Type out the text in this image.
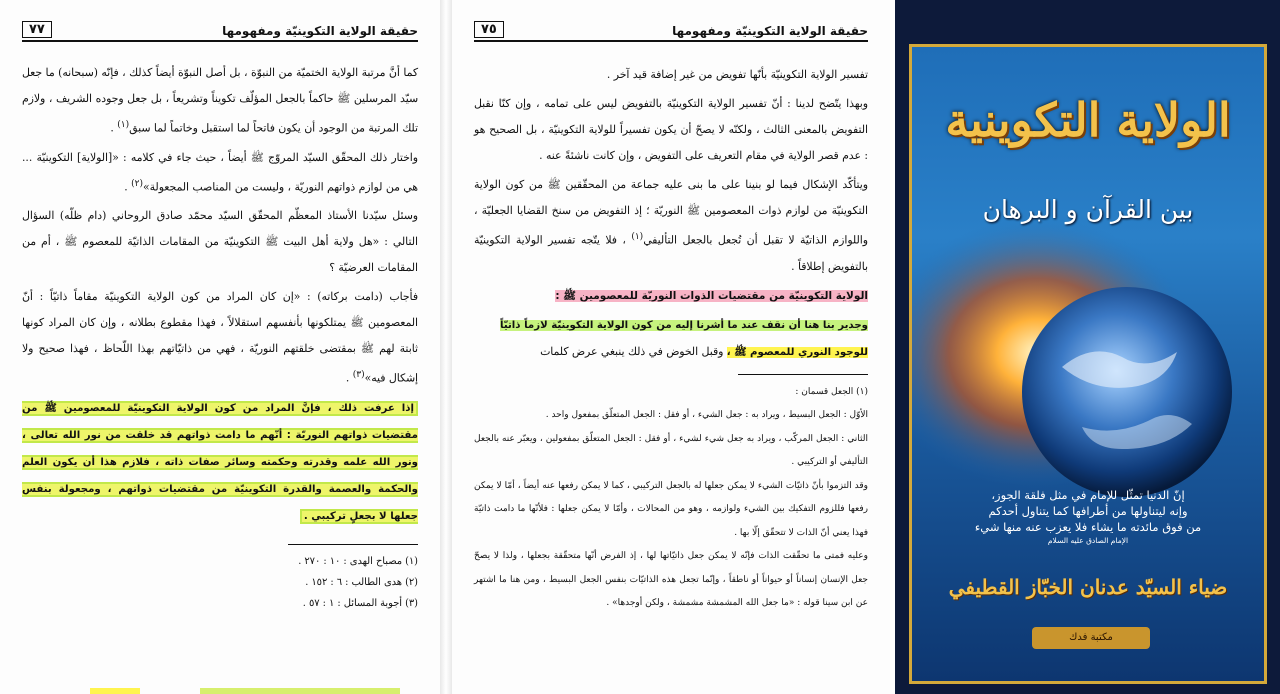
حقيقة الولاية التكوينيّة ومفهومها
٧٧

كما أنَّ مرتبة الولاية الختميّة من النبوّة ، بل أصل النبوّة أيضاً كذلك ، فإنّه (سبحانه) ما جعل سيّد المرسلين ﷺ حاكماً بالجعل المؤلّف تكويناً وتشريعاً ، بل جعل وجوده الشريف ، ولازم تلك المرتبة من الوجود أن يكون فاتحاً لما استقبل وخاتماً لما سبق$^{(١)}$ .

واختار ذلك المحقّق السيّد المروّج ﷺ أيضاً ، حيث جاء في كلامه : «[الولاية] التكوينيّة ... هي من لوازم ذواتهم النوريّة ، وليست من المناصب المجعولة»$^{(٢)}$ .

وسئل سيّدنا الأستاذ المعظّم المحقّق السيّد محمّد صادق الروحاني (دام ظلّه) السؤال التالي : «هل ولاية أهل البيت ﷺ التكوينيّة من المقامات الذاتيّة للمعصوم ﷺ ، أم من المقامات العرضيّة ؟

فأجاب (دامت بركاته) : «إن كان المراد من كون الولاية التكوينيّة مقاماً ذاتيّاً : أنّ المعصومين ﷺ يمتلكونها بأنفسهم استقلالاً ، فهذا مقطوع بطلانه ، وإن كان المراد كونها ثابتة لهم ﷺ بمقتضى خلقتهم النوريّة ، فهي من ذاتيّاتهم بهذا اللّحاظ ، فهذا صحيح ولا إشكال فيه»$^{(٣)}$ .

إذا عرفت ذلك ، فإنَّ المراد من كون الولاية التكوينيّة للمعصومين ﷺ من مقتضيات ذواتهم النوريّة : أنّهم ما دامت ذواتهم قد خلقت من نور الله تعالى ، ونور الله علمه وقدرته وحكمته وسائر صفات ذاته ، فلازم هذا أن يكون العلم والحكمة والعصمة والقدرة التكوينيّة من مقتضيات ذواتهم ، ومجعولة بنفس جعلها لا بجعلٍ تركيبي .

(١) مصباح الهدى : ١٠ : ٢٧٠ .

(٢) هدى الطالب : ٦ : ١٥٢ .

(٣) أجوبة المسائل : ١ : ٥٧ .

حقيقة الولاية التكوينيّة ومفهومها
٧٥

تفسير الولاية التكوينيّة بأنّها تفويض من غير إضافة قيد آخر .

وبهذا يتّضح لدينا : أنّ تفسير الولاية التكوينيّة بالتفويض ليس على تمامه ، وإن كنّا نقبل التفويض بالمعنى الثالث ، ولكنّه لا يصحّ أن يكون تفسيراً للولاية التكوينيّة ، بل الصحيح هو : عدم قصر الولاية في مقام التعريف على التفويض ، وإن كانت ناشئةً عنه .

ويتأكّد الإشكال فيما لو بنينا على ما بنى عليه جماعة من المحقّقين ﷺ من كون الولاية التكوينيّة من لوازم ذوات المعصومين ﷺ النوريّة ؛ إذ التفويض من سنخ القضايا الجعليّة ، واللوازم الذاتيّة لا تقبل أن تُجعل بالجعل التأليفي$^{(١)}$ ، فلا يتّجه تفسير الولاية التكوينيّة بالتفويض إطلاقاً .

الولاية التكوينيّة من مقتضيات الذوات النوريّة للمعصومين ﷺ :

وجدير بنا هنا أن نقف عند ما أشرنا إليه من كون الولاية التكوينيّة لازماً ذاتيّاً
للوجود النوري للمعصوم ﷺ ، وقبل الخوض في ذلك ينبغي عرض كلمات

(١) الجعل قسمان :

الأوّل : الجعل البسيط ، ويراد به : جعل الشيء ، أو فقل : الجعل المتعلّق بمفعول واحد .

الثاني : الجعل المركّب ، ويراد به جعل شيء لشيء ، أو فقل : الجعل المتعلّق بمفعولين ، ويعبّر عنه بالجعل التأليفي أو التركيبي .

وقد التزموا بأنّ ذاتيّات الشيء لا يمكن جعلها له بالجعل التركيبي ، كما لا يمكن رفعها عنه أيضاً ، أمّا لا يمكن رفعها فللزوم التفكيك بين الشيء ولوازمه ، وهو من المحالات ، وأمّا لا يمكن جعلها : فلأنّها ما دامت ذاتيّة فهذا يعني أنّ الذات لا تتحقّق إلّا بها .

وعليه فمتى ما تحقّقت الذات فإنّه لا يمكن جعل ذاتيّاتها لها ، إذ الفرض أنّها متحقّقة بجعلها ، ولذا لا يصحّ جعل الإنسان إنساناً أو حيواناً أو ناطقاً ، وإنّما تجعل هذه الذاتيّات بنفس الجعل البسيط ، ومن هنا ما اشتهر عن ابن سينا قوله : «ما جعل الله المشمشة مشمشة ، ولكن أوجدها» .

الولاية التكوينية
بين القرآن و البرهان
إنّ الدنيا تمثّل للإمام في مثل فلقة الجوز،
وإنه ليتناولها من أطرافها كما يتناول أحدكم
من فوق مائدته ما يشاء فلا يعزب عنه منها شيء
الإمام الصادق عليه السلام
ضياء السيّد عدنان الخبّاز القطيفي
مكتبة فدك
